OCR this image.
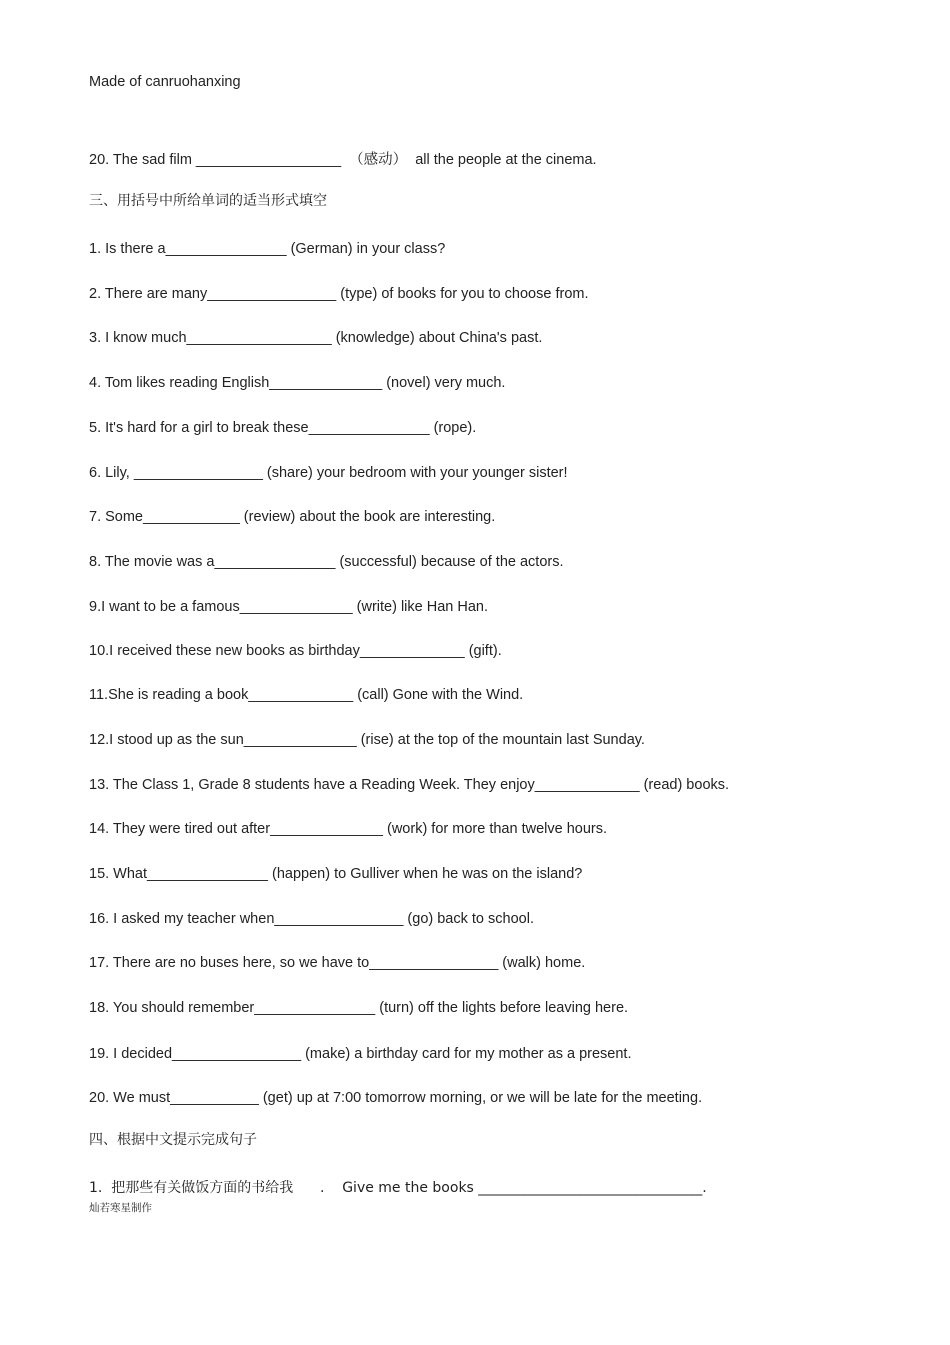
Made of canruohanxing
20. The sad film __________________  （感动）  all the people at the cinema.
三、用括号中所给单词的适当形式填空
1. Is there a_______________ (German) in your class?
2. There are many________________ (type) of books for you to choose from.
3. I know much__________________ (knowledge) about China's past.
4. Tom likes reading English______________ (novel) very much.
5. It's hard for a girl to break these_______________ (rope).
6. Lily, ________________ (share) your bedroom with your younger sister!
7. Some____________ (review) about the book are interesting.
8. The movie was a_______________ (successful) because of the actors.
9.I want to be a famous______________ (write) like Han Han.
10.I received these new books as birthday_____________ (gift).
11.She is reading a book_____________ (call) Gone with the Wind.
12.I stood up as the sun______________ (rise) at the top of the mountain last Sunday.
13. The Class 1, Grade 8 students have a Reading Week. They enjoy_____________ (read) books.
14. They were tired out after______________ (work) for more than twelve hours.
15. What_______________ (happen) to Gulliver when he was on the island?
16. I asked my teacher when________________ (go) back to school.
17. There are no buses here, so we have to________________ (walk) home.
18. You should remember_______________ (turn) off the lights before leaving here.
19. I decided________________ (make) a birthday card for my mother as a present.
20. We must___________ (get) up at 7:00 tomorrow morning, or we will be late for the meeting.
四、根据中文提示完成句子
1.  把那些有关做饭方面的书给我      .    Give me the books ________________________________.
灿若寒星制作
